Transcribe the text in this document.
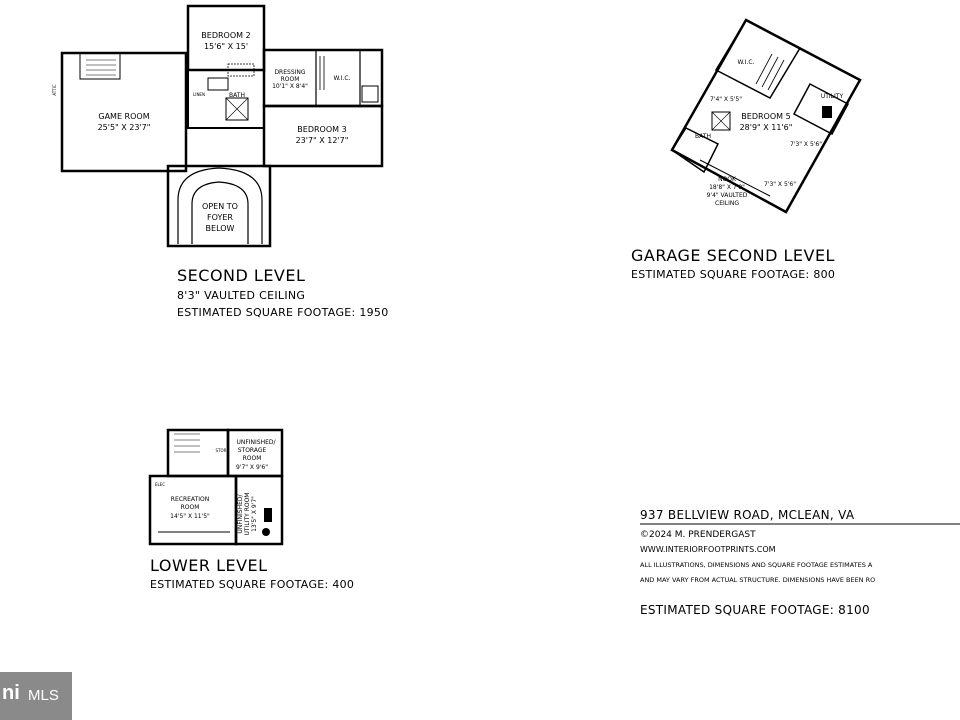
BEDROOM 2
15'6" X 15'
GAME ROOM
25'5" X 23'7"
DRESSING
ROOM
10'1" X 8'4"
W.I.C.
BATH
LINEN
ATTIC
BEDROOM 3
23'7" X 12'7"
OPEN TO
FOYER
BELOW
W.I.C.
UTILITY
BEDROOM 5
28'9" X 11'6"
7'4" X 5'5"
BATH
7'3" X 5'6"
NOOK
18'8" X 7'9"
9'4" VAULTED
CEILING
7'3" X 5'6"
UNFINISHED/
STORAGE
ROOM
9'7" X 9'6"
STOR
RECREATION
ROOM
14'5" X 11'5"
ELEC
UNFINISHED/ UTILITY ROOM 13'5" X 9'7"
SECOND LEVEL
8'3" VAULTED CEILING
ESTIMATED SQUARE FOOTAGE: 1950
GARAGE SECOND LEVEL
ESTIMATED SQUARE FOOTAGE: 800
LOWER LEVEL
ESTIMATED SQUARE FOOTAGE: 400
937 BELLVIEW ROAD, MCLEAN, VA
©2024 M. PRENDERGAST
WWW.INTERIORFOOTPRINTS.COM
ALL ILLUSTRATIONS, DIMENSIONS AND SQUARE FOOTAGE ESTIMATES A
AND MAY VARY FROM ACTUAL STRUCTURE. DIMENSIONS HAVE BEEN RO
ESTIMATED SQUARE FOOTAGE: 8100
ni MLS
